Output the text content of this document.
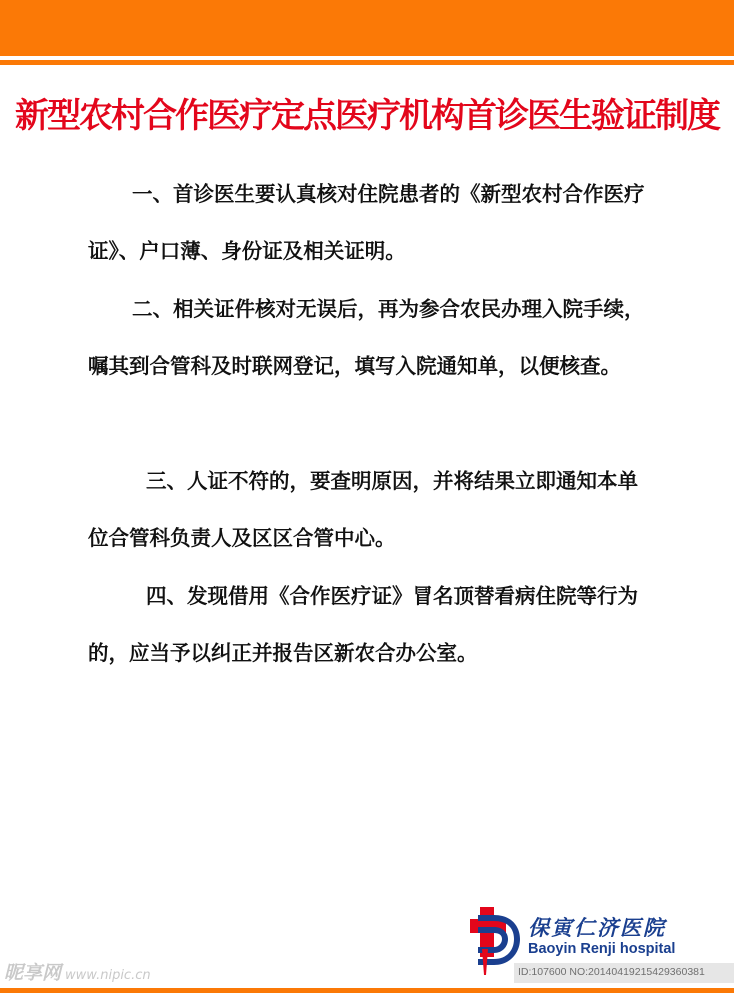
新型农村合作医疗定点医疗机构首诊医生验证制度

一、首诊医生要认真核对住院患者的《新型农村合作医疗证》、户口薄、身份证及相关证明。

二、相关证件核对无误后，再为参合农民办理入院手续，嘱其到合管科及时联网登记，填写入院通知单，以便核查。

三、人证不符的，要查明原因，并将结果立即通知本单位合管科负责人及区区合管中心。

四、发现借用《合作医疗证》冒名顶替看病住院等行为的，应当予以纠正并报告区新农合办公室。

保寅仁济医院
Baoyin Renji hospital
昵享网 www.nipic.cn	ID:107600 NO:20140419215429360381
